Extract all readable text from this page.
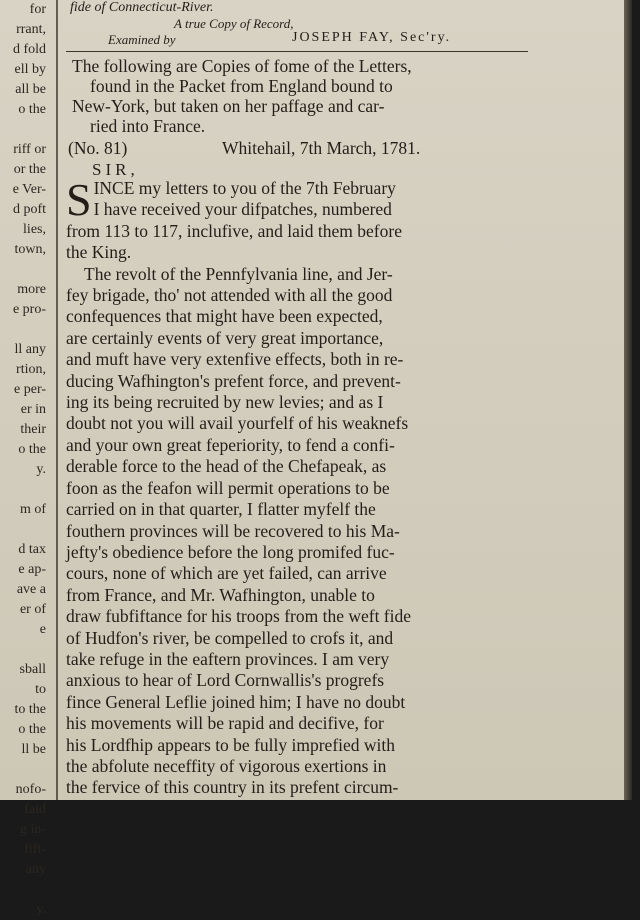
for
rrant,
d fold
ell by
all be
o the

riff or
or the
e Ver-
d poft
lies,
town,

more
e pro-

ll any
rtion,
e per-
er in
their
o the
y.

m of

d tax
e ap-
ave a
er of
e

sball
to
to the
o the
ll be

nofo-
faid
g in-
fift-
any

y.
fide of Connecticut-River.
A true Copy of Record,
Examined by	JOSEPH FAY, Sec'ry.
The following are Copies of fome of the Letters,
found in the Packet from England bound to
New-York, but taken on her paffage and car-
ried into France.
(No. 81)	Whitehail, 7th March, 1781.
SIR,
S INCE my letters to you of the 7th February
I have received your difpatches, numbered
from 113 to 117, inclufive, and laid them before
the King.
The revolt of the Pennfylvania line, and Jer-
fey brigade, tho' not attended with all the good
confequences that might have been expected,
are certainly events of very great importance,
and muft have very extenfive effects, both in re-
ducing Wafhington's prefent force, and prevent-
ing its being recruited by new levies; and as I
doubt not you will avail yourfelf of his weaknefs
and your own great feperiority, to fend a confi-
derable force to the head of the Chefapeak, as
foon as the feafon will permit operations to be
carried on in that quarter, I flatter myfelf the
fouthern provinces will be recovered to his Ma-
jefty's obedience before the long promifed fuc-
cours, none of which are yet failed, can arrive
from France, and Mr. Wafhington, unable to
draw fubfiftance for his troops from the weft fide
of Hudfon's river, be compelled to crofs it, and
take refuge in the eaftern provinces. I am very
anxious to hear of Lord Cornwallis's progrefs
fince General Leflie joined him; I have no doubt
his movements will be rapid and decifive, for
his Lordfhip appears to be fully imprefied with
the abfolute neceffity of vigorous exertions in
the fervice of this country in its prefent circum-
